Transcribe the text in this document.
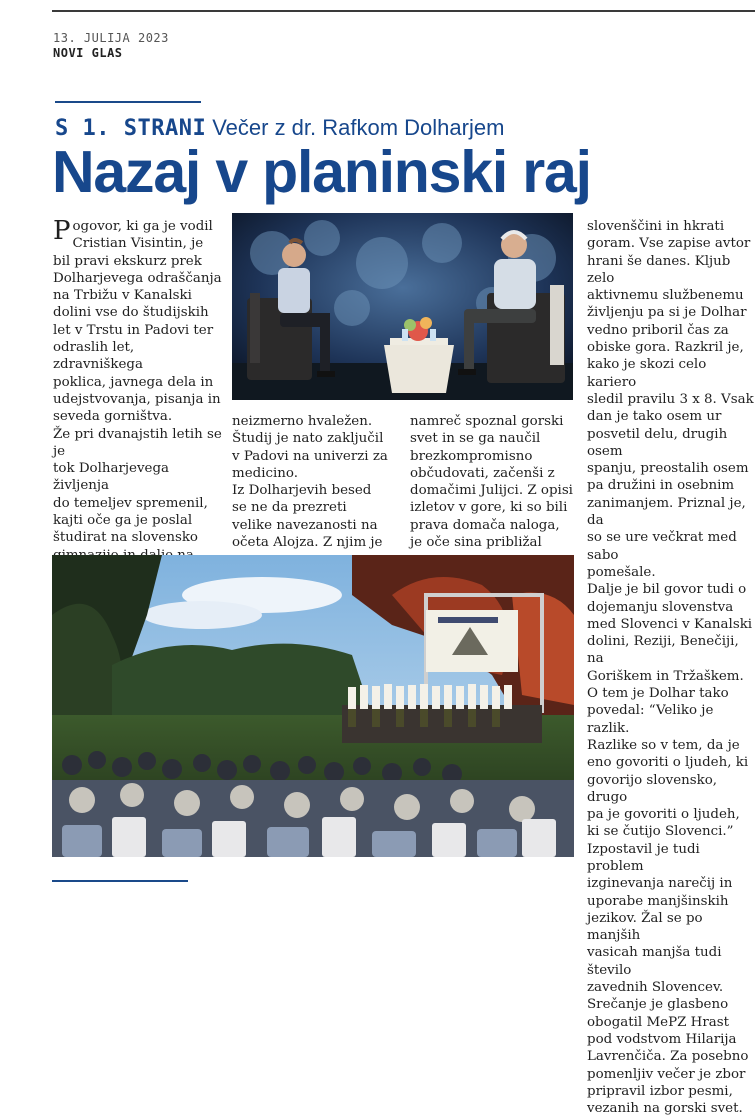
13. JULIJA 2023
NOVI GLAS
S 1. STRANI Večer z dr. Rafkom Dolharjem
Nazaj v planinski raj
P ogovor, ki ga je vodil
Cristian Visintin, je
bil pravi ekskurz prek
Dolharjevega odraščanja
na Trbižu v Kanalski
dolini vse do študijskih
let v Trstu in Padovi ter
odraslih let, zdravniškega
poklica, javnega dela in
udejstvovanja, pisanja in
seveda gorništva.
Že pri dvanajstih letih se je
tok Dolharjevega življenja
do temeljev spremenil,
kajti oče ga je poslal
študirat na slovensko
neizmerno hvaležen.
Študij je nato zaključil
v Padovi na univerzi za
medicino.
Iz Dolharjevih besed
se ne da prezreti
velike navezanosti na
očeta Alojza. Z njim je
namreč spoznal gorski
svet in se ga naučil
brezkompromisno
občudovati, začenši z
domačimi Julijci. Z opisi
izletov v gore, ki so bili
prava domača naloga,
je oče sina približal
slovenščini in hkrati
goram. Vse zapise avtor
hrani še danes. Kljub zelo
aktivnemu službenemu
življenju pa si je Dolhar
vedno priboril čas za
obiske gora. Razkril je,
kako je skozi celo kariero
sledil pravilu 3 x 8. Vsak
dan je tako osem ur
posvetil delu, drugih osem
spanju, preostalih osem
pa družini in osebnim
zanimanjem. Priznal je, da
so se ure večkrat med sabo
pomešale.
Dalje je bil govor tudi o
dojemanju slovenstva
med Slovenci v Kanalski
dolini, Reziji, Benečiji, na
Goriškem in Tržaškem.
O tem je Dolhar tako
povedal: “Veliko je razlik.
Razlike so v tem, da je
eno govoriti o ljudeh, ki
govorijo slovensko, drugo
pa je govoriti o ljudeh,
ki se čutijo Slovenci.”
Izpostavil je tudi problem
izginevanja narečij in
uporabe manjšinskih
jezikov. Žal se po manjših
vasicah manjša tudi število
zavednih Slovencev.
Srečanje je glasbeno
obogatil MePZ Hrast
pod vodstvom Hilarija
Lavrenčiča. Za posebno
pomenljiv večer je zbor
pripravil izbor pesmi,
vezanih na gorski svet.
